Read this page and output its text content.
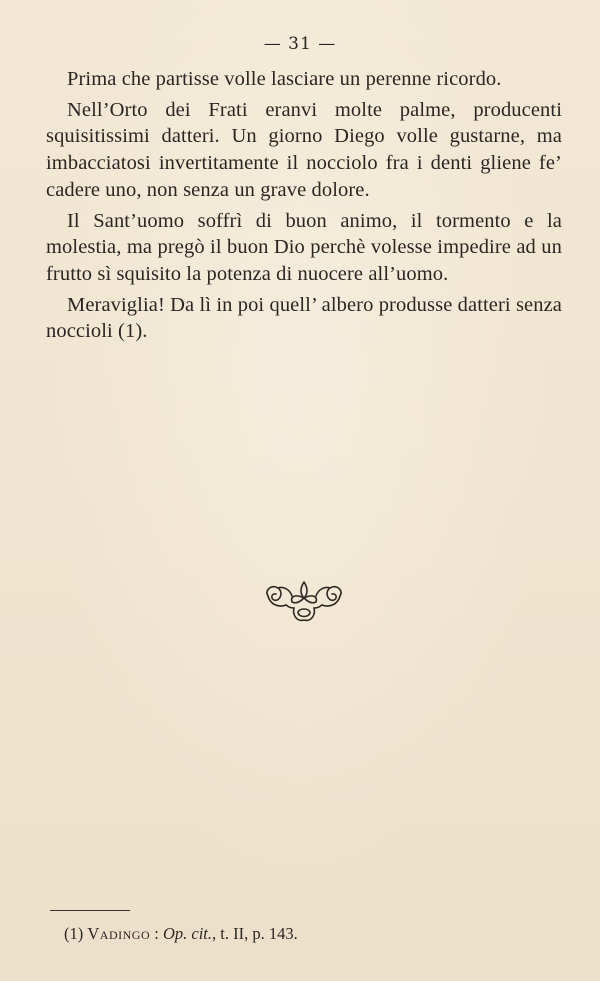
— 31 —

Prima che partisse volle lasciare un perenne ricordo.

Nell’Orto dei Frati eranvi molte palme, producenti squisitissimi datteri. Un giorno Diego volle gustarne, ma imbacciatosi invertitamente il nocciolo fra i denti gliene fe’ cadere uno, non senza un grave dolore.

Il Sant’uomo soffrì di buon animo, il tormento e la molestia, ma pregò il buon Dio perchè volesse impedire ad un frutto sì squisito la potenza di nuocere all’uomo.

Meraviglia! Da lì in poi quell’ albero produsse datteri senza noccioli (1).

(1) Vadingo : Op. cit., t. II, p. 143.
